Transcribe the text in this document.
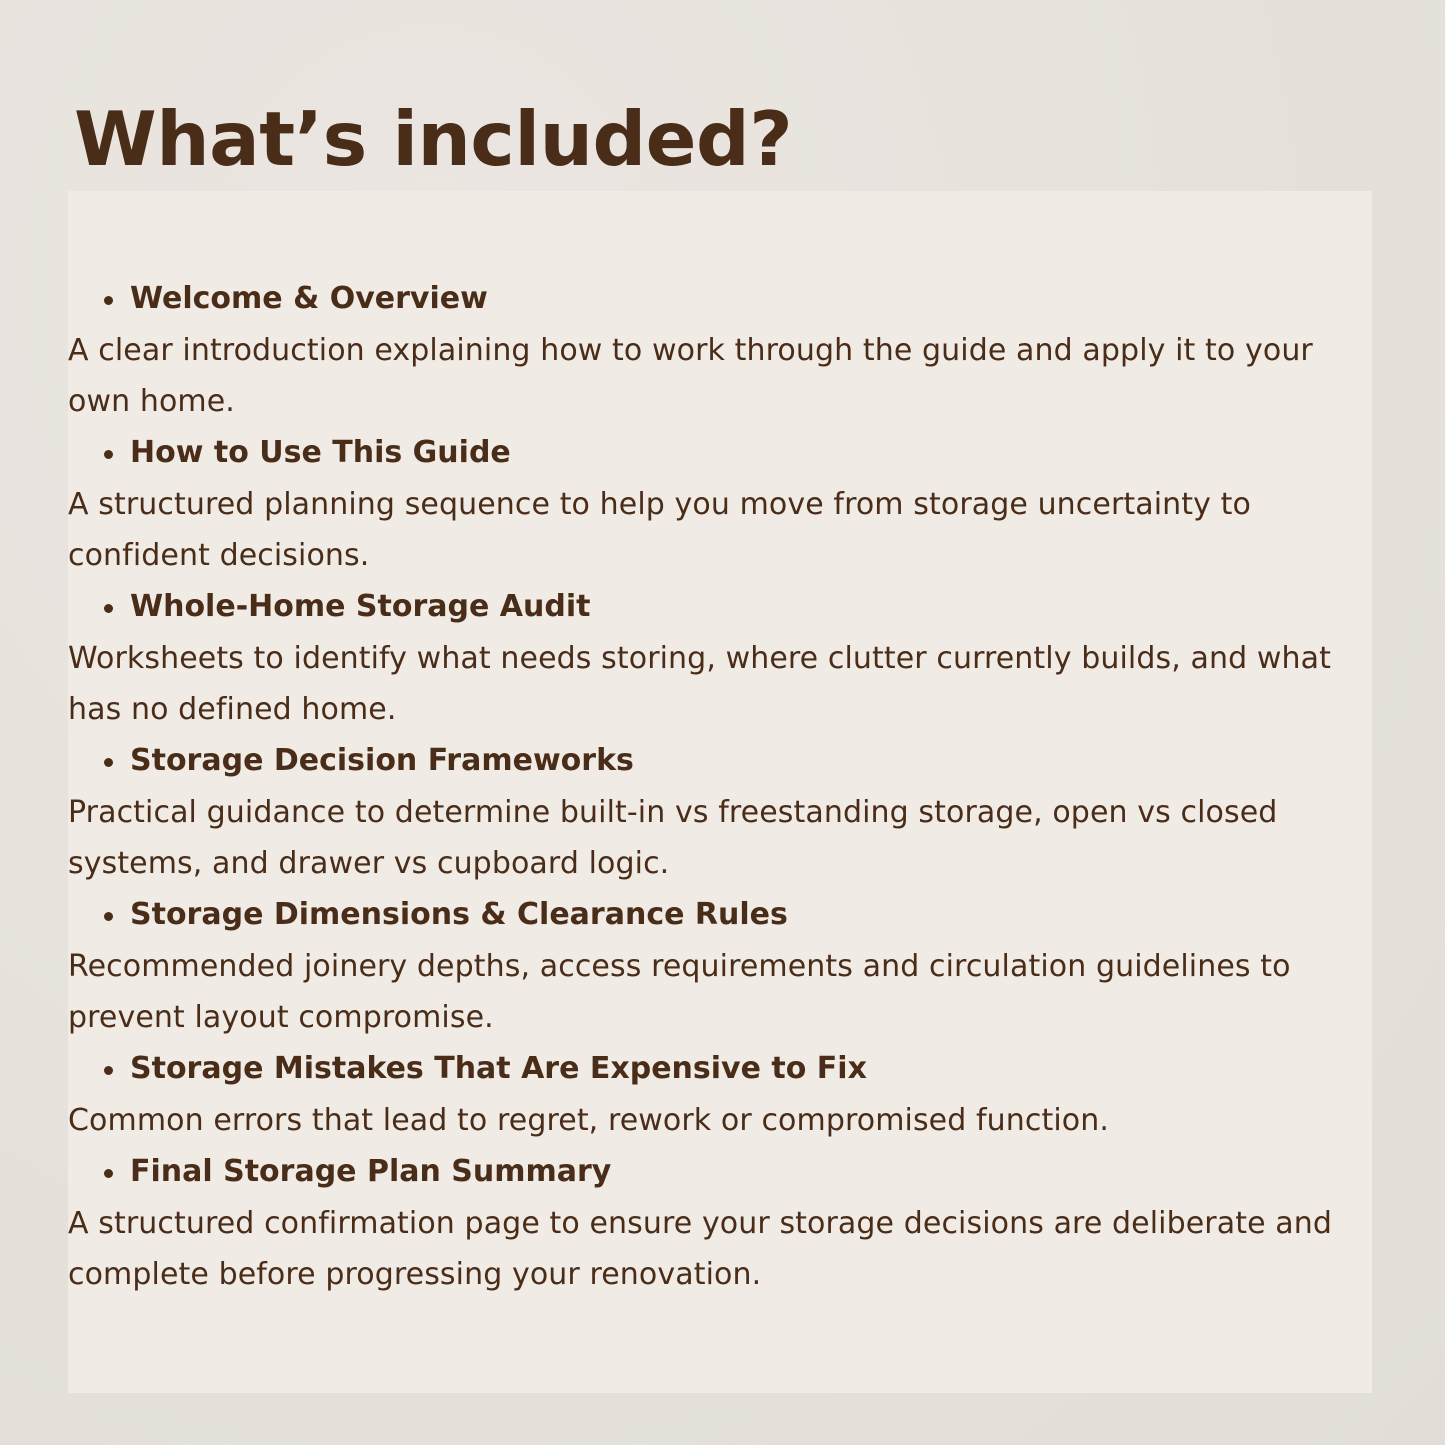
What’s included?
Welcome & Overview

A clear introduction explaining how to work through the guide and apply it to your own home.

How to Use This Guide

A structured planning sequence to help you move from storage uncertainty to confident decisions.

Whole-Home Storage Audit

Worksheets to identify what needs storing, where clutter currently builds, and what has no defined home.

Storage Decision Frameworks

Practical guidance to determine built-in vs freestanding storage, open vs closed systems, and drawer vs cupboard logic.

Storage Dimensions & Clearance Rules

Recommended joinery depths, access requirements and circulation guidelines to prevent layout compromise.

Storage Mistakes That Are Expensive to Fix

Common errors that lead to regret, rework or compromised function.

Final Storage Plan Summary

A structured confirmation page to ensure your storage decisions are deliberate and complete before progressing your renovation.
